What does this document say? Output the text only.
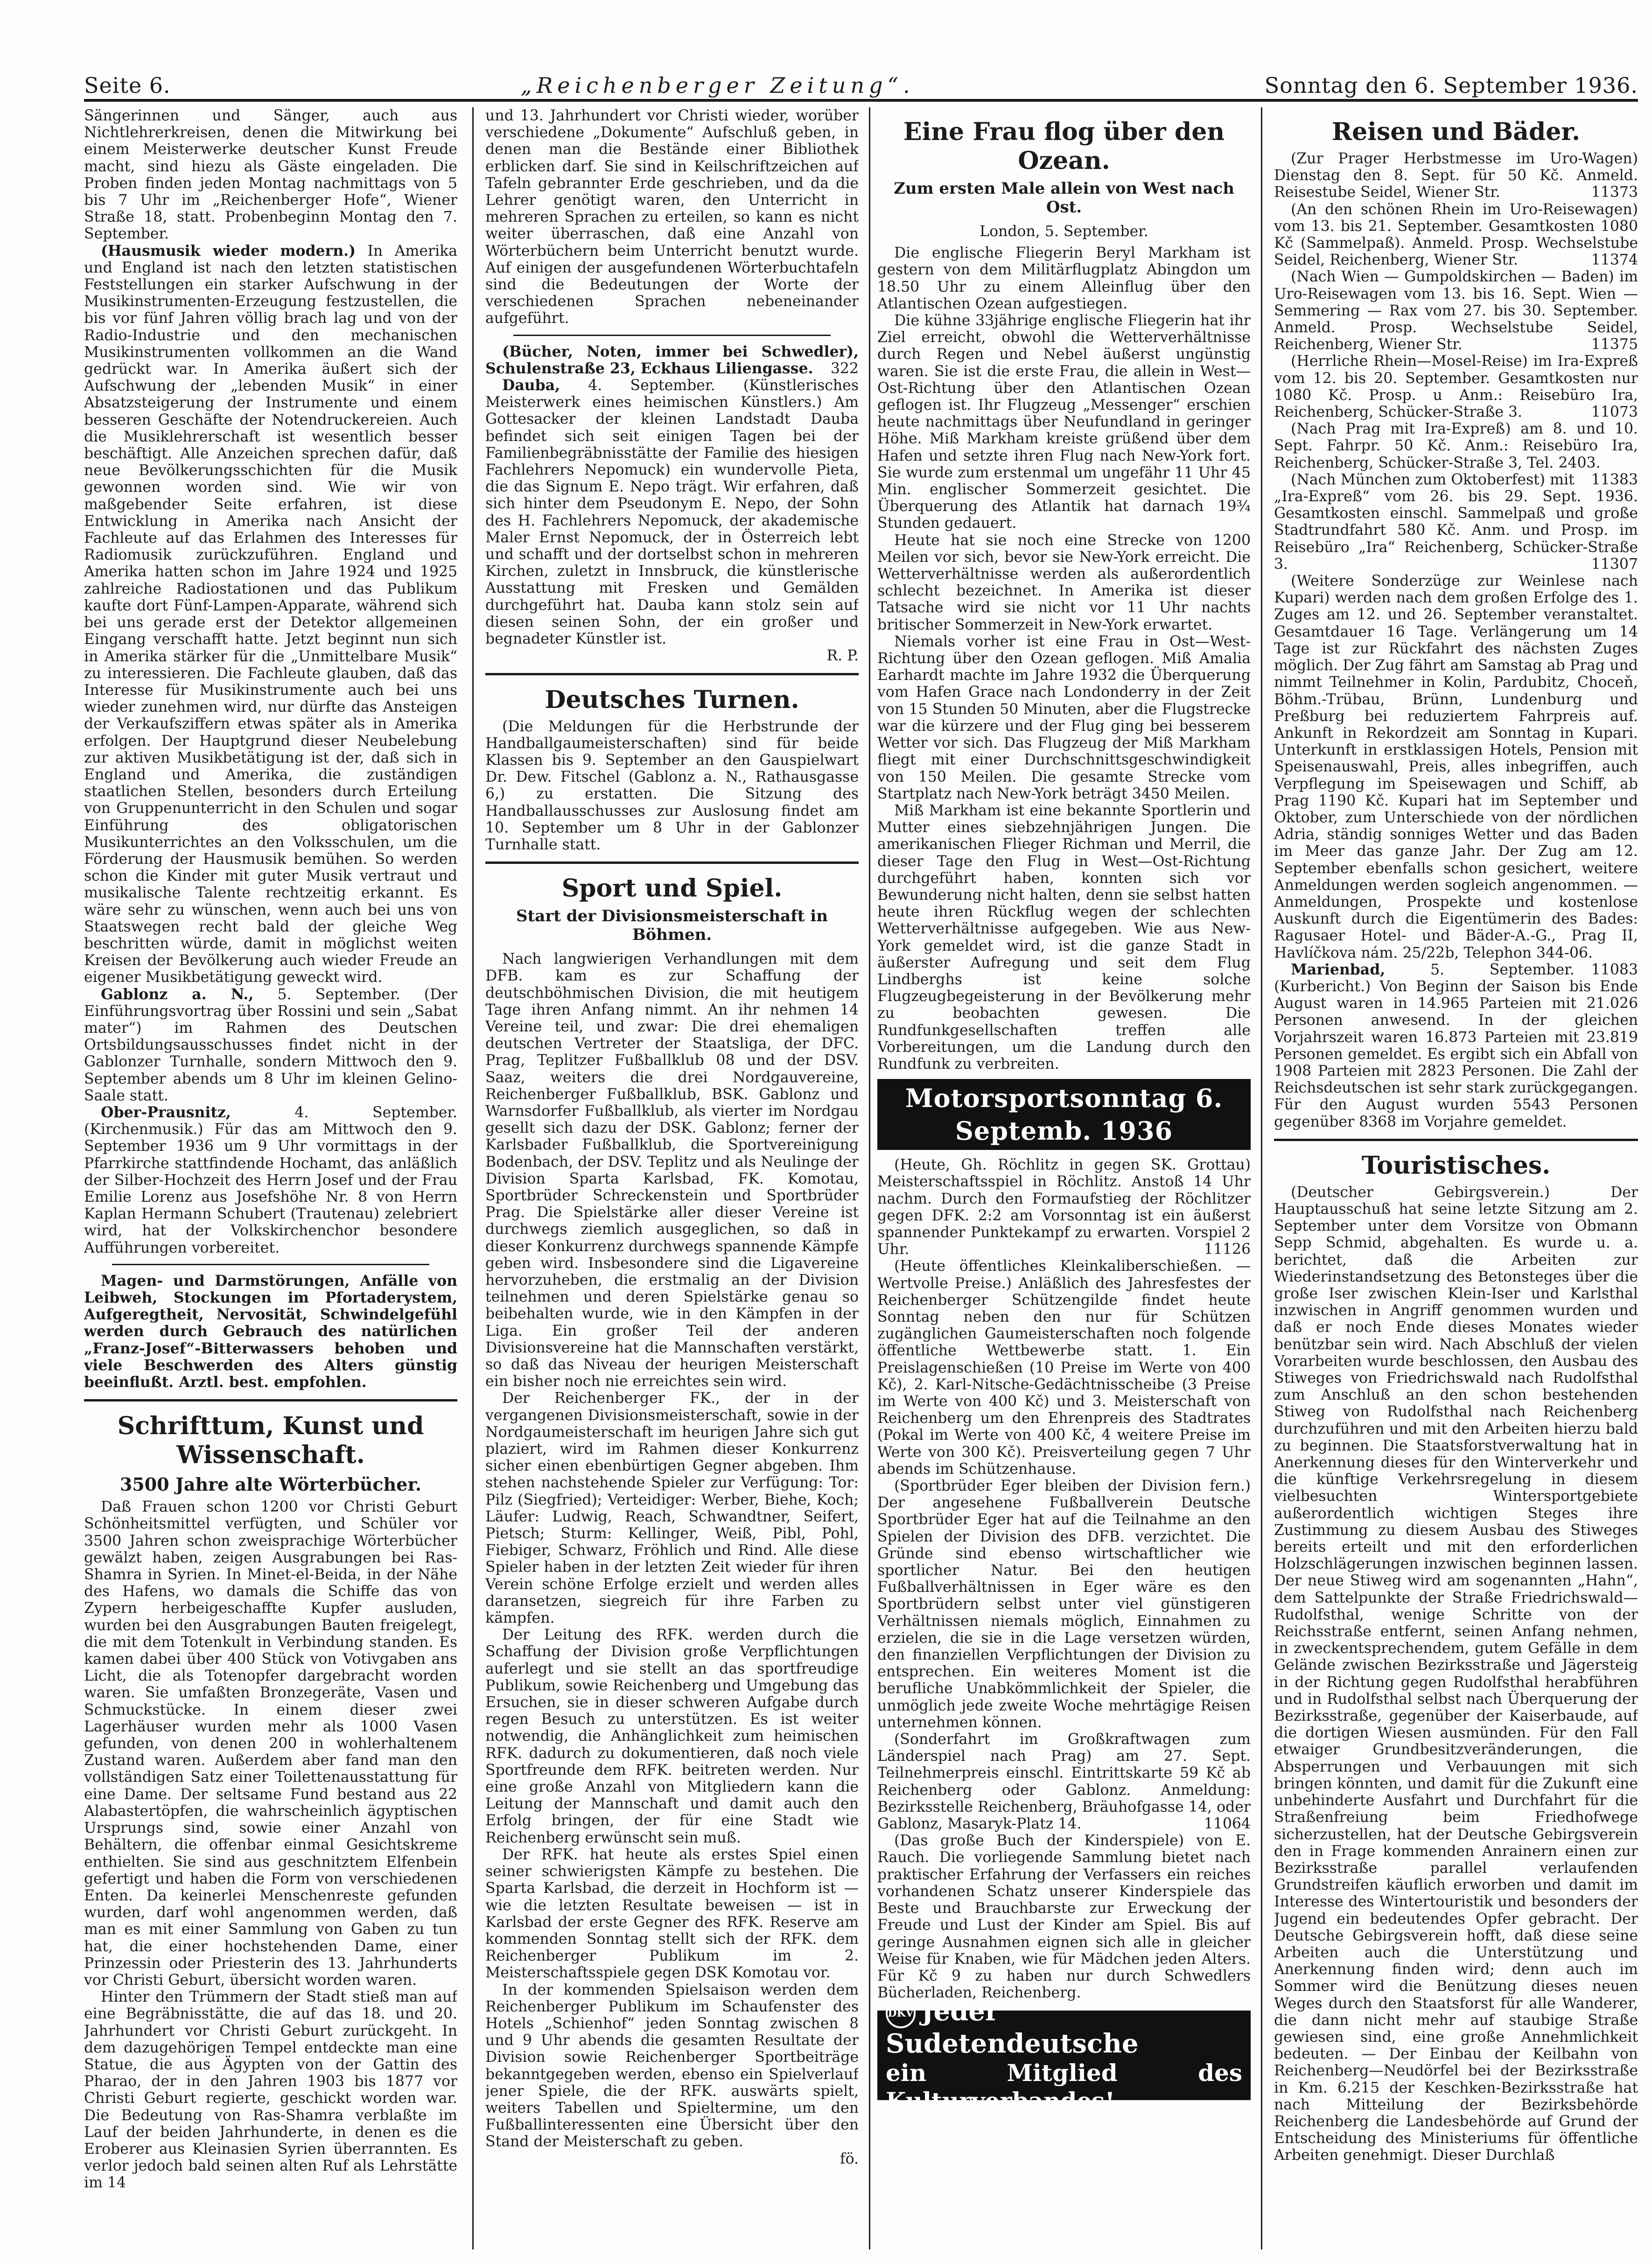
Seite 6.	„Reichenberger Zeitung“.	Sonntag den 6. September 1936.

Sängerinnen und Sänger, auch aus Nichtlehrerkreisen, denen die Mitwirkung bei einem Meisterwerke deutscher Kunst Freude macht, sind hiezu als Gäste eingeladen. Die Proben finden jeden Montag nachmittags von 5 bis 7 Uhr im „Reichenberger Hofe“, Wiener Straße 18, statt. Probenbeginn Montag den 7. September.

(Hausmusik wieder modern.) In Amerika und England ist nach den letzten statistischen Feststellungen ein starker Aufschwung in der Musikinstrumenten-Erzeugung festzustellen, die bis vor fünf Jahren völlig brach lag und von der Radio-Industrie und den mechanischen Musikinstrumenten vollkommen an die Wand gedrückt war. In Amerika äußert sich der Aufschwung der „lebenden Musik“ in einer Absatzsteigerung der Instrumente und einem besseren Geschäfte der Notendruckereien. Auch die Musiklehrerschaft ist wesentlich besser beschäftigt. Alle Anzeichen sprechen dafür, daß neue Bevölkerungsschichten für die Musik gewonnen worden sind. Wie wir von maßgebender Seite erfahren, ist diese Entwicklung in Amerika nach Ansicht der Fachleute auf das Erlahmen des Interesses für Radiomusik zurückzuführen. England und Amerika hatten schon im Jahre 1924 und 1925 zahlreiche Radiostationen und das Publikum kaufte dort Fünf-Lampen-Apparate, während sich bei uns gerade erst der Detektor allgemeinen Eingang verschafft hatte. Jetzt beginnt nun sich in Amerika stärker für die „Unmittelbare Musik“ zu interessieren. Die Fachleute glauben, daß das Interesse für Musikinstrumente auch bei uns wieder zunehmen wird, nur dürfte das Ansteigen der Verkaufsziffern etwas später als in Amerika erfolgen. Der Hauptgrund dieser Neubelebung zur aktiven Musikbetätigung ist der, daß sich in England und Amerika, die zuständigen staatlichen Stellen, besonders durch Erteilung von Gruppenunterricht in den Schulen und sogar Einführung des obligatorischen Musikunterrichtes an den Volksschulen, um die Förderung der Hausmusik bemühen. So werden schon die Kinder mit guter Musik vertraut und musikalische Talente rechtzeitig erkannt. Es wäre sehr zu wünschen, wenn auch bei uns von Staatswegen recht bald der gleiche Weg beschritten würde, damit in möglichst weiten Kreisen der Bevölkerung auch wieder Freude an eigener Musikbetätigung geweckt wird.

Gablonz a. N., 5. September. (Der Einführungsvortrag über Rossini und sein „Sabat mater“) im Rahmen des Deutschen Ortsbildungsausschusses findet nicht in der Gablonzer Turnhalle, sondern Mittwoch den 9. September abends um 8 Uhr im kleinen Gelino-Saale statt.

Ober-Prausnitz,	4. September. (Kirchenmusik.) Für das am Mittwoch den 9. September 1936 um 9 Uhr vormittags in der Pfarrkirche stattfindende Hochamt, das anläßlich der Silber-Hochzeit des Herrn Josef und der Frau Emilie Lorenz aus Josefshöhe Nr. 8 von Herrn Kaplan Hermann Schubert (Trautenau) zelebriert wird, hat der Volkskirchenchor besondere Aufführungen vorbereitet.

Magen- und Darmstörungen, Anfälle von Leibweh, Stockungen im Pfortaderystem, Aufgeregtheit, Nervosität, Schwindelgefühl werden durch Gebrauch des natürlichen „Franz-Josef“-Bitterwassers behoben und viele Beschwerden des Alters günstig beeinflußt. Arztl. best. empfohlen.

Schrifttum, Kunst und Wissenschaft.
3500 Jahre alte Wörterbücher.

Daß Frauen schon 1200 vor Christi Geburt Schönheitsmittel verfügten, und Schüler vor 3500 Jahren schon zweisprachige Wörterbücher gewälzt haben, zeigen Ausgrabungen bei Ras-Shamra in Syrien. In Minet-el-Beida, in der Nähe des Hafens, wo damals die Schiffe das von Zypern herbeigeschaffte Kupfer ausluden, wurden bei den Ausgrabungen Bauten freigelegt, die mit dem Totenkult in Verbindung standen. Es kamen dabei über 400 Stück von Votivgaben ans Licht, die als Totenopfer dargebracht worden waren. Sie umfaßten Bronzegeräte, Vasen und Schmuckstücke. In einem dieser zwei Lagerhäuser wurden mehr als 1000 Vasen gefunden, von denen 200 in wohlerhaltenem Zustand waren. Außerdem aber fand man den vollständigen Satz einer Toilettenausstattung für eine Dame. Der seltsame Fund bestand aus 22 Alabastertöpfen, die wahrscheinlich ägyptischen Ursprungs sind, sowie einer Anzahl von Behältern, die offenbar einmal Gesichtskreme enthielten. Sie sind aus geschnitztem Elfenbein gefertigt und haben die Form von verschiedenen Enten. Da keinerlei Menschenreste gefunden wurden, darf wohl angenommen werden, daß man es mit einer Sammlung von Gaben zu tun hat, die einer hochstehenden Dame, einer Prinzessin oder Priesterin des 13. Jahrhunderts vor Christi Geburt, übersicht worden waren.

Hinter den Trümmern der Stadt stieß man auf eine Begräbnisstätte, die auf das 18. und 20. Jahrhundert vor Christi Geburt zurückgeht. In dem dazugehörigen Tempel entdeckte man eine Statue, die aus Ägypten von der Gattin des Pharao, der in den Jahren 1903 bis 1877 vor Christi Geburt regierte, geschickt worden war. Die Bedeutung von Ras-Shamra verblaßte im Lauf der beiden Jahrhunderte, in denen es die Eroberer aus Kleinasien Syrien überrannten. Es verlor jedoch bald seinen alten Ruf als Lehrstätte im 14

und 13. Jahrhundert vor Christi wieder, worüber verschiedene „Dokumente“ Aufschluß geben, in denen man die Bestände einer Bibliothek erblicken darf. Sie sind in Keilschriftzeichen auf Tafeln gebrannter Erde geschrieben, und da die Lehrer genötigt waren, den Unterricht in mehreren Sprachen zu erteilen, so kann es nicht weiter überraschen, daß eine Anzahl von Wörterbüchern beim Unterricht benutzt wurde. Auf einigen der ausgefundenen Wörterbuchtafeln sind die Bedeutungen der Worte der verschiedenen Sprachen nebeneinander aufgeführt.

(Bücher, Noten, immer bei Schwedler), Schulenstraße 23, Eckhaus Liliengasse.	322

Dauba, 4. September. (Künstlerisches Meisterwerk eines heimischen Künstlers.) Am Gottesacker der kleinen Landstadt Dauba befindet sich seit einigen Tagen bei der Familienbegräbnisstätte der Familie des hiesigen Fachlehrers Nepomuck) ein wundervolle Pieta, die das Signum E. Nepo trägt. Wir erfahren, daß sich hinter dem Pseudonym E. Nepo, der Sohn des H. Fachlehrers Nepomuck, der akademische Maler Ernst Nepomuck, der in Österreich lebt und schafft und der dortselbst schon in mehreren Kirchen, zuletzt in Innsbruck, die künstlerische Ausstattung mit Fresken und Gemälden durchgeführt hat. Dauba kann stolz sein auf diesen seinen Sohn, der ein großer und begnadeter Künstler ist.

R. P.

Deutsches Turnen.

(Die Meldungen für die Herbstrunde der Handballgaumeisterschaften) sind für beide Klassen bis 9. September an den Gauspielwart Dr. Dew. Fitschel (Gablonz a. N., Rathausgasse 6,) zu erstatten. Die Sitzung des Handballausschusses zur Auslosung findet am 10. September um 8 Uhr in der Gablonzer Turnhalle statt.

Sport und Spiel.
Start der Divisionsmeisterschaft in Böhmen.

Nach langwierigen Verhandlungen mit dem DFB. kam es zur Schaffung der deutschböhmischen Division, die mit heutigem Tage ihren Anfang nimmt. An ihr nehmen 14 Vereine teil, und zwar: Die drei ehemaligen deutschen Vertreter der Staatsliga, der DFC. Prag, Teplitzer Fußballklub 08 und der DSV. Saaz, weiters die drei Nordgauvereine, Reichenberger Fußballklub, BSK. Gablonz und Warnsdorfer Fußballklub, als vierter im Nordgau gesellt sich dazu der DSK. Gablonz; ferner der Karlsbader Fußballklub, die Sportvereinigung Bodenbach, der DSV. Teplitz und als Neulinge der Division Sparta Karlsbad, FK. Komotau, Sportbrüder Schreckenstein und Sportbrüder Prag. Die Spielstärke aller dieser Vereine ist durchwegs ziemlich ausgeglichen, so daß in dieser Konkurrenz durchwegs spannende Kämpfe geben wird. Insbesondere sind die Ligavereine hervorzuheben, die erstmalig an der Division teilnehmen und deren Spielstärke genau so beibehalten wurde, wie in den Kämpfen in der Liga. Ein großer Teil der anderen Divisionsvereine hat die Mannschaften verstärkt, so daß das Niveau der heurigen Meisterschaft ein bisher noch nie erreichtes sein wird.

Der Reichenberger FK., der in der vergangenen Divisionsmeisterschaft, sowie in der Nordgaumeisterschaft im heurigen Jahre sich gut plaziert, wird im Rahmen dieser Konkurrenz sicher einen ebenbürtigen Gegner abgeben. Ihm stehen nachstehende Spieler zur Verfügung: Tor: Pilz (Siegfried); Verteidiger: Werber, Biehe, Koch; Läufer: Ludwig, Reach, Schwandtner, Seifert, Pietsch; Sturm: Kellinger, Weiß, Pibl, Pohl, Fiebiger, Schwarz, Fröhlich und Rind. Alle diese Spieler haben in der letzten Zeit wieder für ihren Verein schöne Erfolge erzielt und werden alles daransetzen, siegreich für ihre Farben zu kämpfen.

Der Leitung des RFK. werden durch die Schaffung der Division große Verpflichtungen auferlegt und sie stellt an das sportfreudige Publikum, sowie Reichenberg und Umgebung das Ersuchen, sie in dieser schweren Aufgabe durch regen Besuch zu unterstützen. Es ist weiter notwendig, die Anhänglichkeit zum heimischen RFK. dadurch zu dokumentieren, daß noch viele Sportfreunde dem RFK. beitreten werden. Nur eine große Anzahl von Mitgliedern kann die Leitung der Mannschaft und damit auch den Erfolg bringen, der für eine Stadt wie Reichenberg erwünscht sein muß.

Der RFK. hat heute als erstes Spiel einen seiner schwierigsten Kämpfe zu bestehen. Die Sparta Karlsbad, die derzeit in Hochform ist — wie die letzten Resultate beweisen — ist in Karlsbad der erste Gegner des RFK. Reserve am kommenden Sonntag stellt sich der RFK. dem Reichenberger Publikum im 2. Meisterschaftsspiele gegen DSK Komotau vor.

In der kommenden Spielsaison werden dem Reichenberger Publikum im Schaufenster des Hotels „Schienhof“ jeden Sonntag zwischen 8 und 9 Uhr abends die gesamten Resultate der Division sowie Reichenberger Sportbeiträge bekanntgegeben werden, ebenso ein Spielverlauf jener Spiele, die der RFK. auswärts spielt, weiters Tabellen und Spieltermine, um den Fußballinteressenten eine Übersicht über den Stand der Meisterschaft zu geben.

fö.

Eine Frau flog über den Ozean.
Zum ersten Male allein von West nach Ost.
London, 5. September.

Die englische Fliegerin Beryl Markham ist gestern von dem Militärflugplatz Abingdon um 18.50 Uhr zu einem Alleinflug über den Atlantischen Ozean aufgestiegen.

Die kühne 33jährige englische Fliegerin hat ihr Ziel erreicht, obwohl die Wetterverhältnisse durch Regen und Nebel äußerst ungünstig waren. Sie ist die erste Frau, die allein in West—Ost-Richtung über den Atlantischen Ozean geflogen ist. Ihr Flugzeug „Messenger“ erschien heute nachmittags über Neufundland in geringer Höhe. Miß Markham kreiste grüßend über dem Hafen und setzte ihren Flug nach New-York fort. Sie wurde zum erstenmal um ungefähr 11 Uhr 45 Min. englischer Sommerzeit gesichtet. Die Überquerung des Atlantik hat darnach 19¾ Stunden gedauert.

Heute hat sie noch eine Strecke von 1200 Meilen vor sich, bevor sie New-York erreicht. Die Wetterverhältnisse werden als außerordentlich schlecht bezeichnet. In Amerika ist dieser Tatsache wird sie nicht vor 11 Uhr nachts britischer Sommerzeit in New-York erwartet.

Niemals vorher ist eine Frau in Ost—West-Richtung über den Ozean geflogen. Miß Amalia Earhardt machte im Jahre 1932 die Überquerung vom Hafen Grace nach Londonderry in der Zeit von 15 Stunden 50 Minuten, aber die Flugstrecke war die kürzere und der Flug ging bei besserem Wetter vor sich. Das Flugzeug der Miß Markham fliegt mit einer Durchschnittsgeschwindigkeit von 150 Meilen. Die gesamte Strecke vom Startplatz nach New-York beträgt 3450 Meilen.

Miß Markham ist eine bekannte Sportlerin und Mutter eines siebzehnjährigen Jungen. Die amerikanischen Flieger Richman und Merril, die dieser Tage den Flug in West—Ost-Richtung durchgeführt haben, konnten sich vor Bewunderung nicht halten, denn sie selbst hatten heute ihren Rückflug wegen der schlechten Wetterverhältnisse aufgegeben. Wie aus New-York gemeldet wird, ist die ganze Stadt in äußerster Aufregung und seit dem Flug Lindberghs ist keine solche Flugzeugbegeisterung in der Bevölkerung mehr zu beobachten gewesen. Die Rundfunkgesellschaften treffen alle Vorbereitungen, um die Landung durch den Rundfunk zu verbreiten.

Motorsportsonntag 6. Septemb. 1936

(Heute, Gh. Röchlitz in gegen SK. Grottau) Meisterschaftsspiel in Röchlitz. Anstoß 14 Uhr nachm. Durch den Formaufstieg der Röchlitzer gegen DFK. 2:2 am Vorsonntag ist ein äußerst spannender Punktekampf zu erwarten. Vorspiel 2 Uhr.	11126

(Heute öffentliches Kleinkaliberschießen. — Wertvolle Preise.) Anläßlich des Jahresfestes der Reichenberger Schützengilde findet heute Sonntag neben den nur für Schützen zugänglichen Gaumeisterschaften noch folgende öffentliche Wettbewerbe statt. 1. Ein Preislagenschießen (10 Preise im Werte von 400 Kč), 2. Karl-Nitsche-Gedächtnisscheibe (3 Preise im Werte von 400 Kč) und 3. Meisterschaft von Reichenberg um den Ehrenpreis des Stadtrates (Pokal im Werte von 400 Kč, 4 weitere Preise im Werte von 300 Kč). Preisverteilung gegen 7 Uhr abends im Schützenhause.

(Sportbrüder Eger bleiben der Division fern.) Der angesehene Fußballverein Deutsche Sportbrüder Eger hat auf die Teilnahme an den Spielen der Division des DFB. verzichtet. Die Gründe sind ebenso wirtschaftlicher wie sportlicher Natur. Bei den heutigen Fußballverhältnissen in Eger wäre es den Sportbrüdern selbst unter viel günstigeren Verhältnissen niemals möglich, Einnahmen zu erzielen, die sie in die Lage versetzen würden, den finanziellen Verpflichtungen der Division zu entsprechen. Ein weiteres Moment ist die berufliche Unabkömmlichkeit der Spieler, die unmöglich jede zweite Woche mehrtägige Reisen unternehmen können.

(Sonderfahrt im Großkraftwagen zum Länderspiel nach Prag) am 27. Sept. Teilnehmerpreis einschl. Eintrittskarte 59 Kč ab Reichenberg oder Gablonz. Anmeldung: Bezirksstelle Reichenberg, Bräuhofgasse 14, oder Gablonz, Masaryk-Platz 14.	11064

(Das große Buch der Kinderspiele) von E. Rauch. Die vorliegende Sammlung bietet nach praktischer Erfahrung der Verfassers ein reiches vorhandenen Schatz unserer Kinderspiele das Beste und Brauchbarste zur Erweckung der Freude und Lust der Kinder am Spiel. Bis auf geringe Ausnahmen eignen sich alle in gleicher Weise für Knaben, wie für Mädchen jeden Alters. Für Kč 9 zu haben nur durch Schwedlers Bücherladen, Reichenberg.

DKV Jeder Sudetendeutsche
ein Mitglied des Kulturverbandes!
Reisen und Bäder.

(Zur Prager Herbstmesse im Uro-Wagen) Dienstag den 8. Sept. für 50 Kč. Anmeld. Reisestube Seidel, Wiener Str.	11373

(An den schönen Rhein im Uro-Reisewagen) vom 13. bis 21. September. Gesamtkosten 1080 Kč (Sammelpaß). Anmeld. Prosp. Wechselstube Seidel, Reichenberg, Wiener Str.	11374

(Nach Wien — Gumpoldskirchen — Baden) im Uro-Reisewagen vom 13. bis 16. Sept. Wien — Semmering — Rax vom 27. bis 30. September. Anmeld. Prosp. Wechselstube Seidel, Reichenberg, Wiener Str.	11375

(Herrliche Rhein—Mosel-Reise) im Ira-Expreß vom 12. bis 20. September. Gesamtkosten nur 1080 Kč. Prosp. u Anm.: Reisebüro Ira, Reichenberg, Schücker-Straße 3.	11073

(Nach Prag mit Ira-Expreß) am 8. und 10. Sept. Fahrpr. 50 Kč. Anm.: Reisebüro Ira, Reichenberg, Schücker-Straße 3, Tel. 2403.
11383

(Nach München zum Oktoberfest) mit „Ira-Expreß“ vom 26. bis 29. Sept. 1936. Gesamtkosten einschl. Sammelpaß und große Stadtrundfahrt 580 Kč. Anm. und Prosp. im Reisebüro „Ira“ Reichenberg, Schücker-Straße 3.	11307

(Weitere Sonderzüge zur Weinlese nach Kupari) werden nach dem großen Erfolge des 1. Zuges am 12. und 26. September veranstaltet. Gesamtdauer 16 Tage. Verlängerung um 14 Tage ist zur Rückfahrt des nächsten Zuges möglich. Der Zug fährt am Samstag ab Prag und nimmt Teilnehmer in Kolin, Pardubitz, Choceň, Böhm.-Trübau, Brünn, Lundenburg und Preßburg bei reduziertem Fahrpreis auf. Ankunft in Rekordzeit am Sonntag in Kupari. Unterkunft in erstklassigen Hotels, Pension mit Speisenauswahl, Preis, alles inbegriffen, auch Verpflegung im Speisewagen und Schiff, ab Prag 1190 Kč. Kupari hat im September und Oktober, zum Unterschiede von der nördlichen Adria, ständig sonniges Wetter und das Baden im Meer das ganze Jahr. Der Zug am 12. September ebenfalls schon gesichert, weitere Anmeldungen werden sogleich angenommen. — Anmeldungen, Prospekte und kostenlose Auskunft durch die Eigentümerin des Bades: Ragusaer Hotel- und Bäder-A.-G., Prag II, Havlíčkova nám. 25/22b, Telephon 344-06.
11083

Marienbad,	5. September. (Kurbericht.) Von Beginn der Saison bis Ende August waren in 14.965 Parteien mit 21.026 Personen anwesend. In der gleichen Vorjahrszeit waren 16.873 Parteien mit 23.819 Personen gemeldet. Es ergibt sich ein Abfall von 1908 Parteien mit 2823 Personen. Die Zahl der Reichsdeutschen ist sehr stark zurückgegangen. Für den August wurden 5543 Personen gegenüber 8368 im Vorjahre gemeldet.

Touristisches.

(Deutscher Gebirgsverein.) Der Hauptausschuß hat seine letzte Sitzung am 2. September unter dem Vorsitze von Obmann Sepp Schmid, abgehalten. Es wurde u. a. berichtet, daß die Arbeiten zur Wiederinstandsetzung des Betonsteges über die große Iser zwischen Klein-Iser und Karlsthal inzwischen in Angriff genommen wurden und daß er noch Ende dieses Monates wieder benützbar sein wird. Nach Abschluß der vielen Vorarbeiten wurde beschlossen, den Ausbau des Stiweges von Friedrichswald nach Rudolfsthal zum Anschluß an den schon bestehenden Stiweg von Rudolfsthal nach Reichenberg durchzuführen und mit den Arbeiten hierzu bald zu beginnen. Die Staatsforstverwaltung hat in Anerkennung dieses für den Winterverkehr und die künftige Verkehrsregelung in diesem vielbesuchten Wintersportgebiete außerordentlich wichtigen Steges ihre Zustimmung zu diesem Ausbau des Stiweges bereits erteilt und mit den erforderlichen Holzschlägerungen inzwischen beginnen lassen. Der neue Stiweg wird am sogenannten „Hahn“, dem Sattelpunkte der Straße Friedrichswald—Rudolfsthal, wenige Schritte von der Reichsstraße entfernt, seinen Anfang nehmen, in zweckentsprechendem, gutem Gefälle in dem Gelände zwischen Bezirksstraße und Jägersteig in der Richtung gegen Rudolfsthal herabführen und in Rudolfsthal selbst nach Überquerung der Bezirksstraße, gegenüber der Kaiserbaude, auf die dortigen Wiesen ausmünden. Für den Fall etwaiger Grundbesitzveränderungen, die Absperrungen und Verbauungen mit sich bringen könnten, und damit für die Zukunft eine unbehinderte Ausfahrt und Durchfahrt für die Straßenfreiung beim Friedhofwege sicherzustellen, hat der Deutsche Gebirgsverein den in Frage kommenden Anrainern einen zur Bezirksstraße parallel verlaufenden Grundstreifen käuflich erworben und damit im Interesse des Wintertouristik und besonders der Jugend ein bedeutendes Opfer gebracht. Der Deutsche Gebirgsverein hofft, daß diese seine Arbeiten auch die Unterstützung und Anerkennung finden wird; denn auch im Sommer wird die Benützung dieses neuen Weges durch den Staatsforst für alle Wanderer, die dann nicht mehr auf staubige Straße gewiesen sind, eine große Annehmlichkeit bedeuten. — Der Einbau der Keilbahn von Reichenberg—Neudörfel bei der Bezirksstraße in Km. 6.215 der Keschken-Bezirksstraße hat nach Mitteilung der Bezirksbehörde Reichenberg die Landesbehörde auf Grund der Entscheidung des Ministeriums für öffentliche Arbeiten genehmigt. Dieser Durchlaß
